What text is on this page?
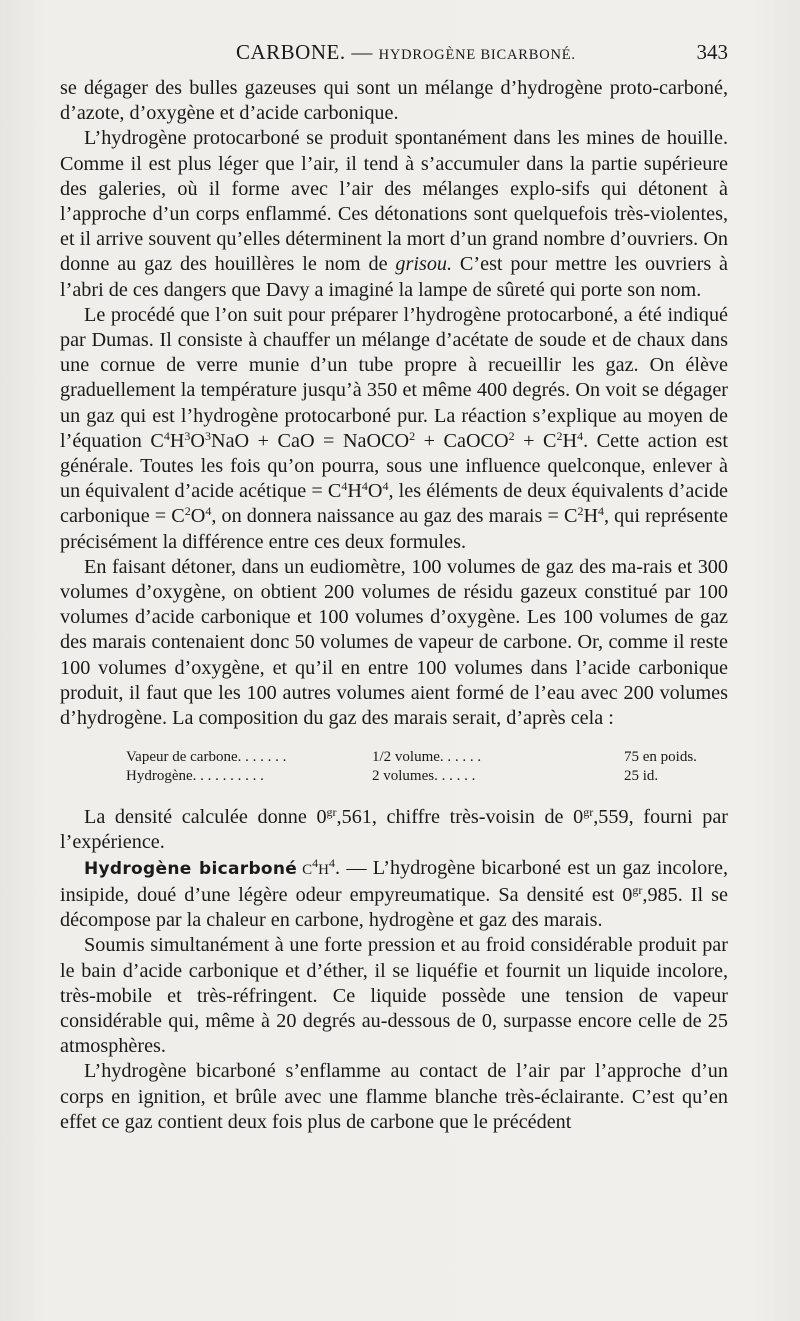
CARBONE. — HYDROGÈNE BICARBONÉ.	343

se dégager des bulles gazeuses qui sont un mélange d’hydrogène proto-carboné, d’azote, d’oxygène et d’acide carbonique.

L’hydrogène protocarboné se produit spontanément dans les mines de houille. Comme il est plus léger que l’air, il tend à s’accumuler dans la partie supérieure des galeries, où il forme avec l’air des mélanges explo-sifs qui détonent à l’approche d’un corps enflammé. Ces détonations sont quelquefois très-violentes, et il arrive souvent qu’elles déterminent la mort d’un grand nombre d’ouvriers. On donne au gaz des houillères le nom de grisou. C’est pour mettre les ouvriers à l’abri de ces dangers que Davy a imaginé la lampe de sûreté qui porte son nom.

Le procédé que l’on suit pour préparer l’hydrogène protocarboné, a été indiqué par Dumas. Il consiste à chauffer un mélange d’acétate de soude et de chaux dans une cornue de verre munie d’un tube propre à recueillir les gaz. On élève graduellement la température jusqu’à 350 et même 400 degrés. On voit se dégager un gaz qui est l’hydrogène protocarboné pur. La réaction s’explique au moyen de l’équation $C^4H^3O^3NaO$ + CaO = NaOCO$^2$ + CaOCO$^2$ + $C^2H^4$. Cette action est générale. Toutes les fois qu’on pourra, sous une influence quelconque, enlever à un équivalent d’acide acétique = $C^4H^4O^4$, les éléments de deux équivalents d’acide carbonique = $C^2O^4$, on donnera naissance au gaz des marais = $C^2H^4$, qui représente précisément la différence entre ces deux formules.

En faisant détoner, dans un eudiomètre, 100 volumes de gaz des ma-rais et 300 volumes d’oxygène, on obtient 200 volumes de résidu gazeux constitué par 100 volumes d’acide carbonique et 100 volumes d’oxygène. Les 100 volumes de gaz des marais contenaient donc 50 volumes de vapeur de carbone. Or, comme il reste 100 volumes d’oxygène, et qu’il en entre 100 volumes dans l’acide carbonique produit, il faut que les 100 autres volumes aient formé de l’eau avec 200 volumes d’hydrogène. La composition du gaz des marais serait, d’après cela :

Vapeur de carbone. . . . . . .	1/2 volume. . . . . .	75 en poids.
Hydrogène. . . . . . . . . .	2 volumes. . . . . .	25 id.

La densité calculée donne $0^{gr},561$, chiffre très-voisin de $0^{gr},559$, fourni par l’expérience.

Hydrogène bicarboné $C^4H^4$. — L’hydrogène bicarboné est un gaz incolore, insipide, doué d’une légère odeur empyreumatique. Sa densité est $0^{gr},985$. Il se décompose par la chaleur en carbone, hydrogène et gaz des marais.

Soumis simultanément à une forte pression et au froid considérable produit par le bain d’acide carbonique et d’éther, il se liquéfie et fournit un liquide incolore, très-mobile et très-réfringent. Ce liquide possède une tension de vapeur considérable qui, même à 20 degrés au-dessous de 0, surpasse encore celle de 25 atmosphères.

L’hydrogène bicarboné s’enflamme au contact de l’air par l’approche d’un corps en ignition, et brûle avec une flamme blanche très-éclairante. C’est qu’en effet ce gaz contient deux fois plus de carbone que le précédent
